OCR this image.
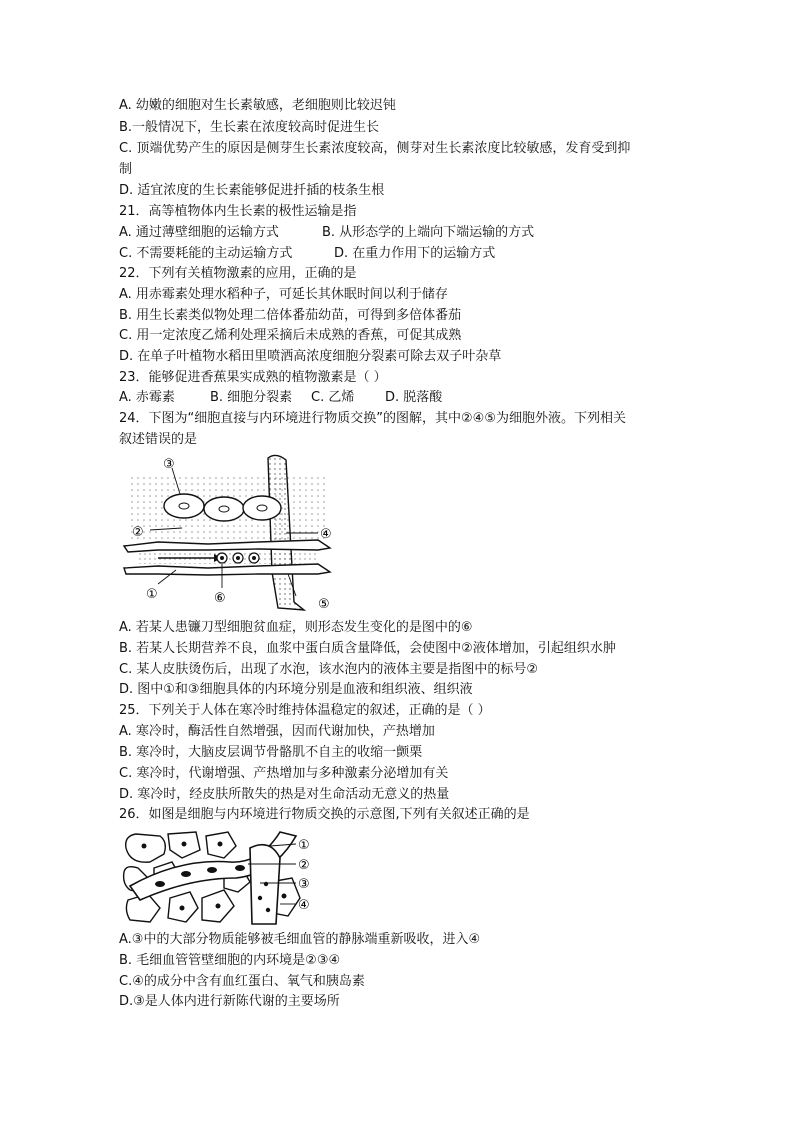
A. 幼嫩的细胞对生长素敏感，老细胞则比较迟钝
B.一般情况下，生长素在浓度较高时促进生长
C. 顶端优势产生的原因是侧芽生长素浓度较高，侧芽对生长素浓度比较敏感，发育受到抑
制
D. 适宜浓度的生长素能够促进扦插的枝条生根
21．高等植物体内生长素的极性运输是指
A. 通过薄壁细胞的运输方式	B. 从形态学的上端向下端运输的方式
C. 不需要耗能的主动运输方式	D. 在重力作用下的运输方式
22．下列有关植物激素的应用，正确的是
A. 用赤霉素处理水稻种子，可延长其休眠时间以利于储存
B. 用生长素类似物处理二倍体番茄幼苗，可得到多倍体番茄
C. 用一定浓度乙烯利处理采摘后未成熟的香蕉，可促其成熟
D. 在单子叶植物水稻田里喷洒高浓度细胞分裂素可除去双子叶杂草
23．能够促进香蕉果实成熟的植物激素是（ ）
A. 赤霉素	B. 细胞分裂素 C. 乙烯 D. 脱落酸
24．下图为“细胞直接与内环境进行物质交换”的图解，其中②④⑤为细胞外液。下列相关
叙述错误的是
③
②	④
①	⑥	⑤
A. 若某人患镰刀型细胞贫血症，则形态发生变化的是图中的⑥
B. 若某人长期营养不良，血浆中蛋白质含量降低，会使图中②液体增加，引起组织水肿
C. 某人皮肤烫伤后，出现了水泡，该水泡内的液体主要是指图中的标号②
D. 图中①和③细胞具体的内环境分别是血液和组织液、组织液
25．下列关于人体在寒冷时维持体温稳定的叙述，正确的是（ ）
A. 寒冷时，酶活性自然增强，因而代谢加快，产热增加
B. 寒冷时，大脑皮层调节骨骼肌不自主的收缩一颤栗
C. 寒冷时，代谢增强、产热增加与多种激素分泌增加有关
D. 寒冷时，经皮肤所散失的热是对生命活动无意义的热量
26．如图是细胞与内环境进行物质交换的示意图,下列有关叙述正确的是
①
②
③
④
A.③中的大部分物质能够被毛细血管的静脉端重新吸收，进入④
B. 毛细血管管壁细胞的内环境是②③④
C.④的成分中含有血红蛋白、氧气和胰岛素
D.③是人体内进行新陈代谢的主要场所
